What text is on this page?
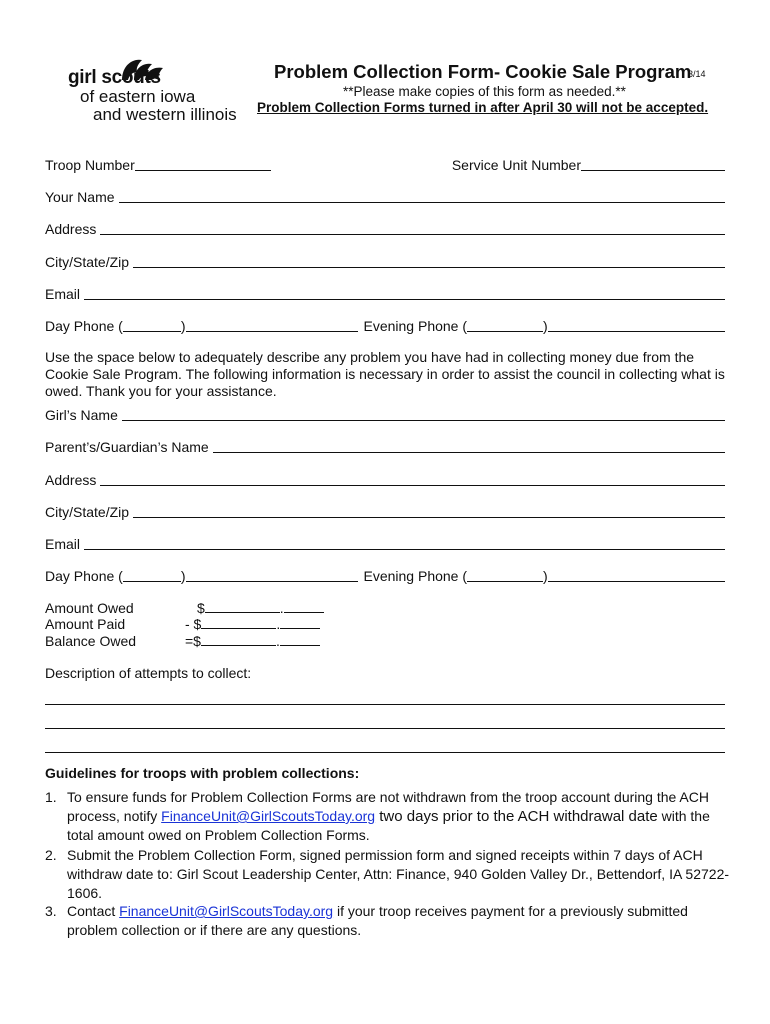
girl scouts
of eastern iowa
and western illinois
Problem Collection Form- Cookie Sale Program
3/14
**Please make copies of this form as needed.**
Problem Collection Forms turned in after April 30 will not be accepted.
Troop Number	Service Unit Number
Your Name
Address
City/State/Zip
Email
Day Phone (	)	Evening Phone (	)
Use the space below to adequately describe any problem you have had in collecting money due from the Cookie Sale Program. The following information is necessary in order to assist the council in collecting what is owed. Thank you for your assistance.
Girl’s Name
Parent’s/Guardian’s Name
Address
City/State/Zip
Email
Day Phone (	)	Evening Phone (	)
Amount Owed	$	.
Amount Paid	- $	.
Balance Owed	=$	.
Description of attempts to collect:
Guidelines for troops with problem collections:
1. To ensure funds for Problem Collection Forms are not withdrawn from the troop account during the ACH process, notify FinanceUnit@GirlScoutsToday.org two days prior to the ACH withdrawal date with the total amount owed on Problem Collection Forms.
2. Submit the Problem Collection Form, signed permission form and signed receipts within 7 days of ACH withdraw date to: Girl Scout Leadership Center, Attn: Finance, 940 Golden Valley Dr., Bettendorf, IA 52722-1606.
3. Contact FinanceUnit@GirlScoutsToday.org if your troop receives payment for a previously submitted problem collection or if there are any questions.
